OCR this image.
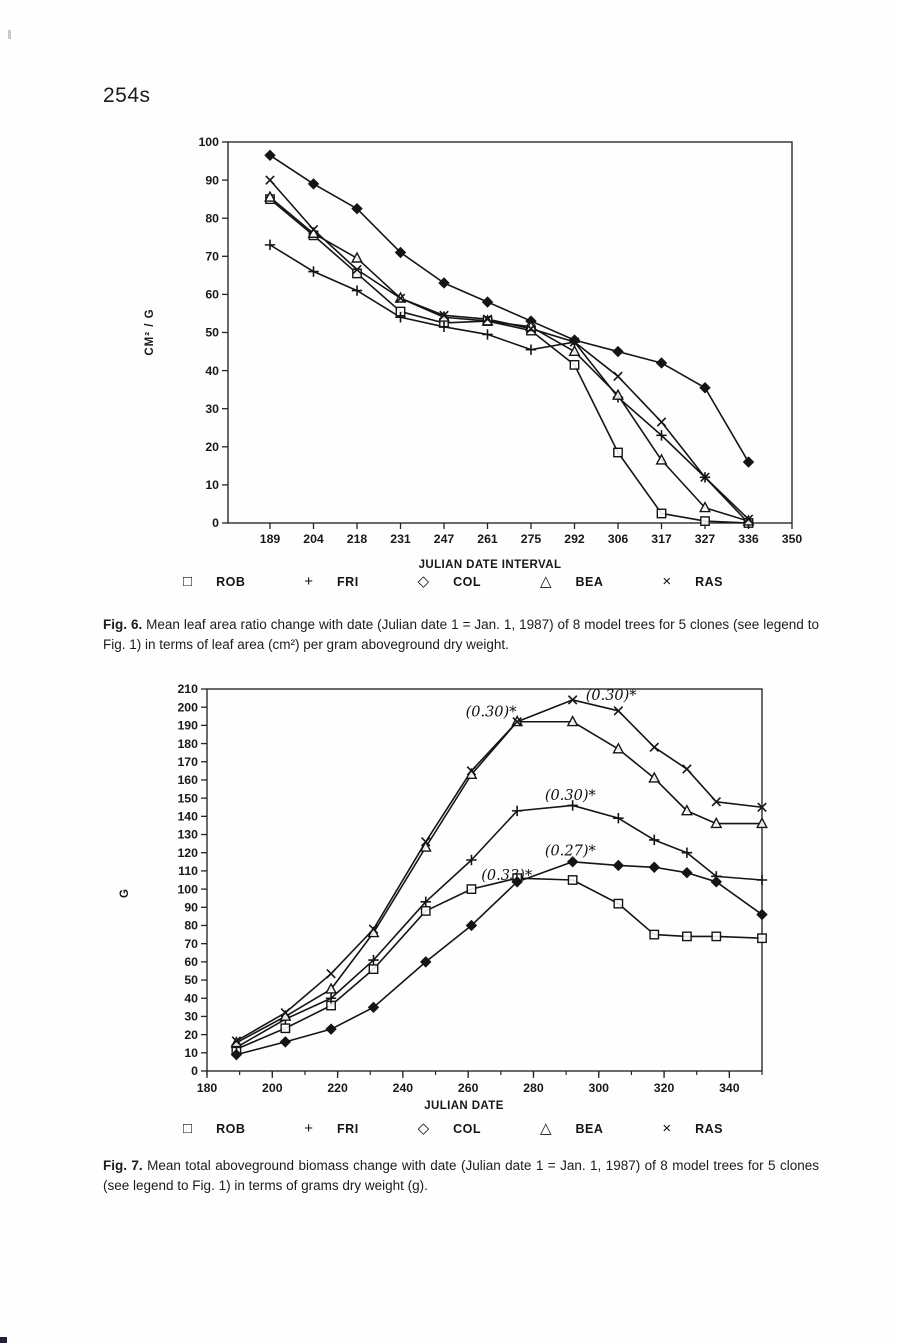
254s
CM² / G
0
10
20
30
40
50
60
70
80
90
100
189 204 218 231 247 261 275 292 306 317 327 336 350
JULIAN DATE INTERVAL
□ ROB	+ FRI	◇ COL	△ BEA	× RAS

Fig. 6. Mean leaf area ratio change with date (Julian date 1 = Jan. 1, 1987) of 8 model trees for 5 clones (see legend to Fig. 1) in terms of leaf area (cm²) per gram aboveground dry weight.

G
0
10
20
30
40
50
60
70
80
90
100
110
120
130
140
150
160
170
180
190
200
210
180	200	220	240	260	280	300	320	340
(0.30)*
(0.30)*
(0.30)*
(0.27)*
(0.33)*
JULIAN DATE
□ ROB	+ FRI	◇ COL	△ BEA	× RAS

Fig. 7. Mean total aboveground biomass change with date (Julian date 1 = Jan. 1, 1987) of 8 model trees for 5 clones (see legend to Fig. 1) in terms of grams dry weight (g).
